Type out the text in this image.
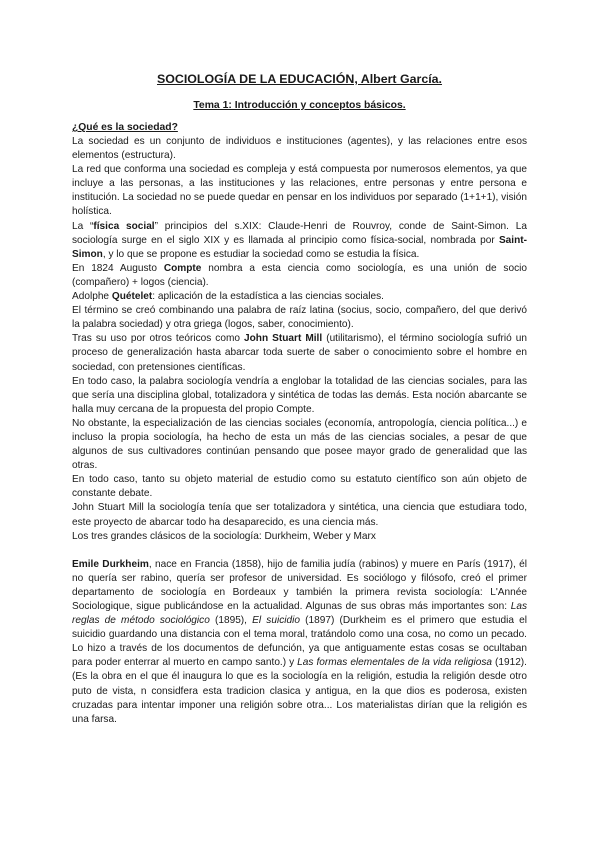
SOCIOLOGÍA DE LA EDUCACIÓN, Albert García.
Tema 1: Introducción y conceptos básicos.
¿Qué es la sociedad?

La sociedad es un conjunto de individuos e instituciones (agentes), y las relaciones entre esos elementos (estructura).

La red que conforma una sociedad es compleja y está compuesta por numerosos elementos, ya que incluye a las personas, a las instituciones y las relaciones, entre personas y entre persona e institución. La sociedad no se puede quedar en pensar en los individuos por separado (1+1+1), visión holística.

La “física social” principios del s.XIX: Claude-Henri de Rouvroy, conde de Saint-Simon. La sociología surge en el siglo XIX y es llamada al principio como física-social, nombrada por Saint-Simon, y lo que se propone es estudiar la sociedad como se estudia la física.

En 1824 Augusto Compte nombra a esta ciencia como sociología, es una unión de socio (compañero) + logos (ciencia).

Adolphe Quételet: aplicación de la estadística a las ciencias sociales.

El término se creó combinando una palabra de raíz latina (socius, socio, compañero, del que derivó la palabra sociedad) y otra griega (logos, saber, conocimiento).

Tras su uso por otros teóricos como John Stuart Mill (utilitarismo), el término sociología sufrió un proceso de generalización hasta abarcar toda suerte de saber o conocimiento sobre el hombre en sociedad, con pretensiones científicas.

En todo caso, la palabra sociología vendría a englobar la totalidad de las ciencias sociales, para las que sería una disciplina global, totalizadora y sintética de todas las demás. Esta noción abarcante se halla muy cercana de la propuesta del propio Compte.

No obstante, la especialización de las ciencias sociales (economía, antropología, ciencia política...) e incluso la propia sociología, ha hecho de esta un más de las ciencias sociales, a pesar de que algunos de sus cultivadores continúan pensando que posee mayor grado de generalidad que las otras.

En todo caso, tanto su objeto material de estudio como su estatuto científico son aún objeto de constante debate.

John Stuart Mill la sociología tenía que ser totalizadora y sintética, una ciencia que estudiara todo, este proyecto de abarcar todo ha desaparecido, es una ciencia más.

Los tres grandes clásicos de la sociología: Durkheim, Weber y Marx

Emile Durkheim, nace en Francia (1858), hijo de familia judía (rabinos) y muere en París (1917), él no quería ser rabino, quería ser profesor de universidad. Es sociólogo y filósofo, creó el primer departamento de sociología en Bordeaux y también la primera revista sociología: L'Année Sociologique, sigue publicándose en la actualidad. Algunas de sus obras más importantes son: Las reglas de método sociológico (1895), El suicidio (1897) (Durkheim es el primero que estudia el suicidio guardando una distancia con el tema moral, tratándolo como una cosa, no como un pecado. Lo hizo a través de los documentos de defunción, ya que antiguamente estas cosas se ocultaban para poder enterrar al muerto en campo santo.) y Las formas elementales de la vida religiosa (1912). (Es la obra en el que él inaugura lo que es la sociología en la religión, estudia la religión desde otro puto de vista, n considfera esta tradicion clasica y antigua, en la que dios es poderosa, existen cruzadas para intentar imponer una religión sobre otra... Los materialistas dirían que la religión es una farsa.
